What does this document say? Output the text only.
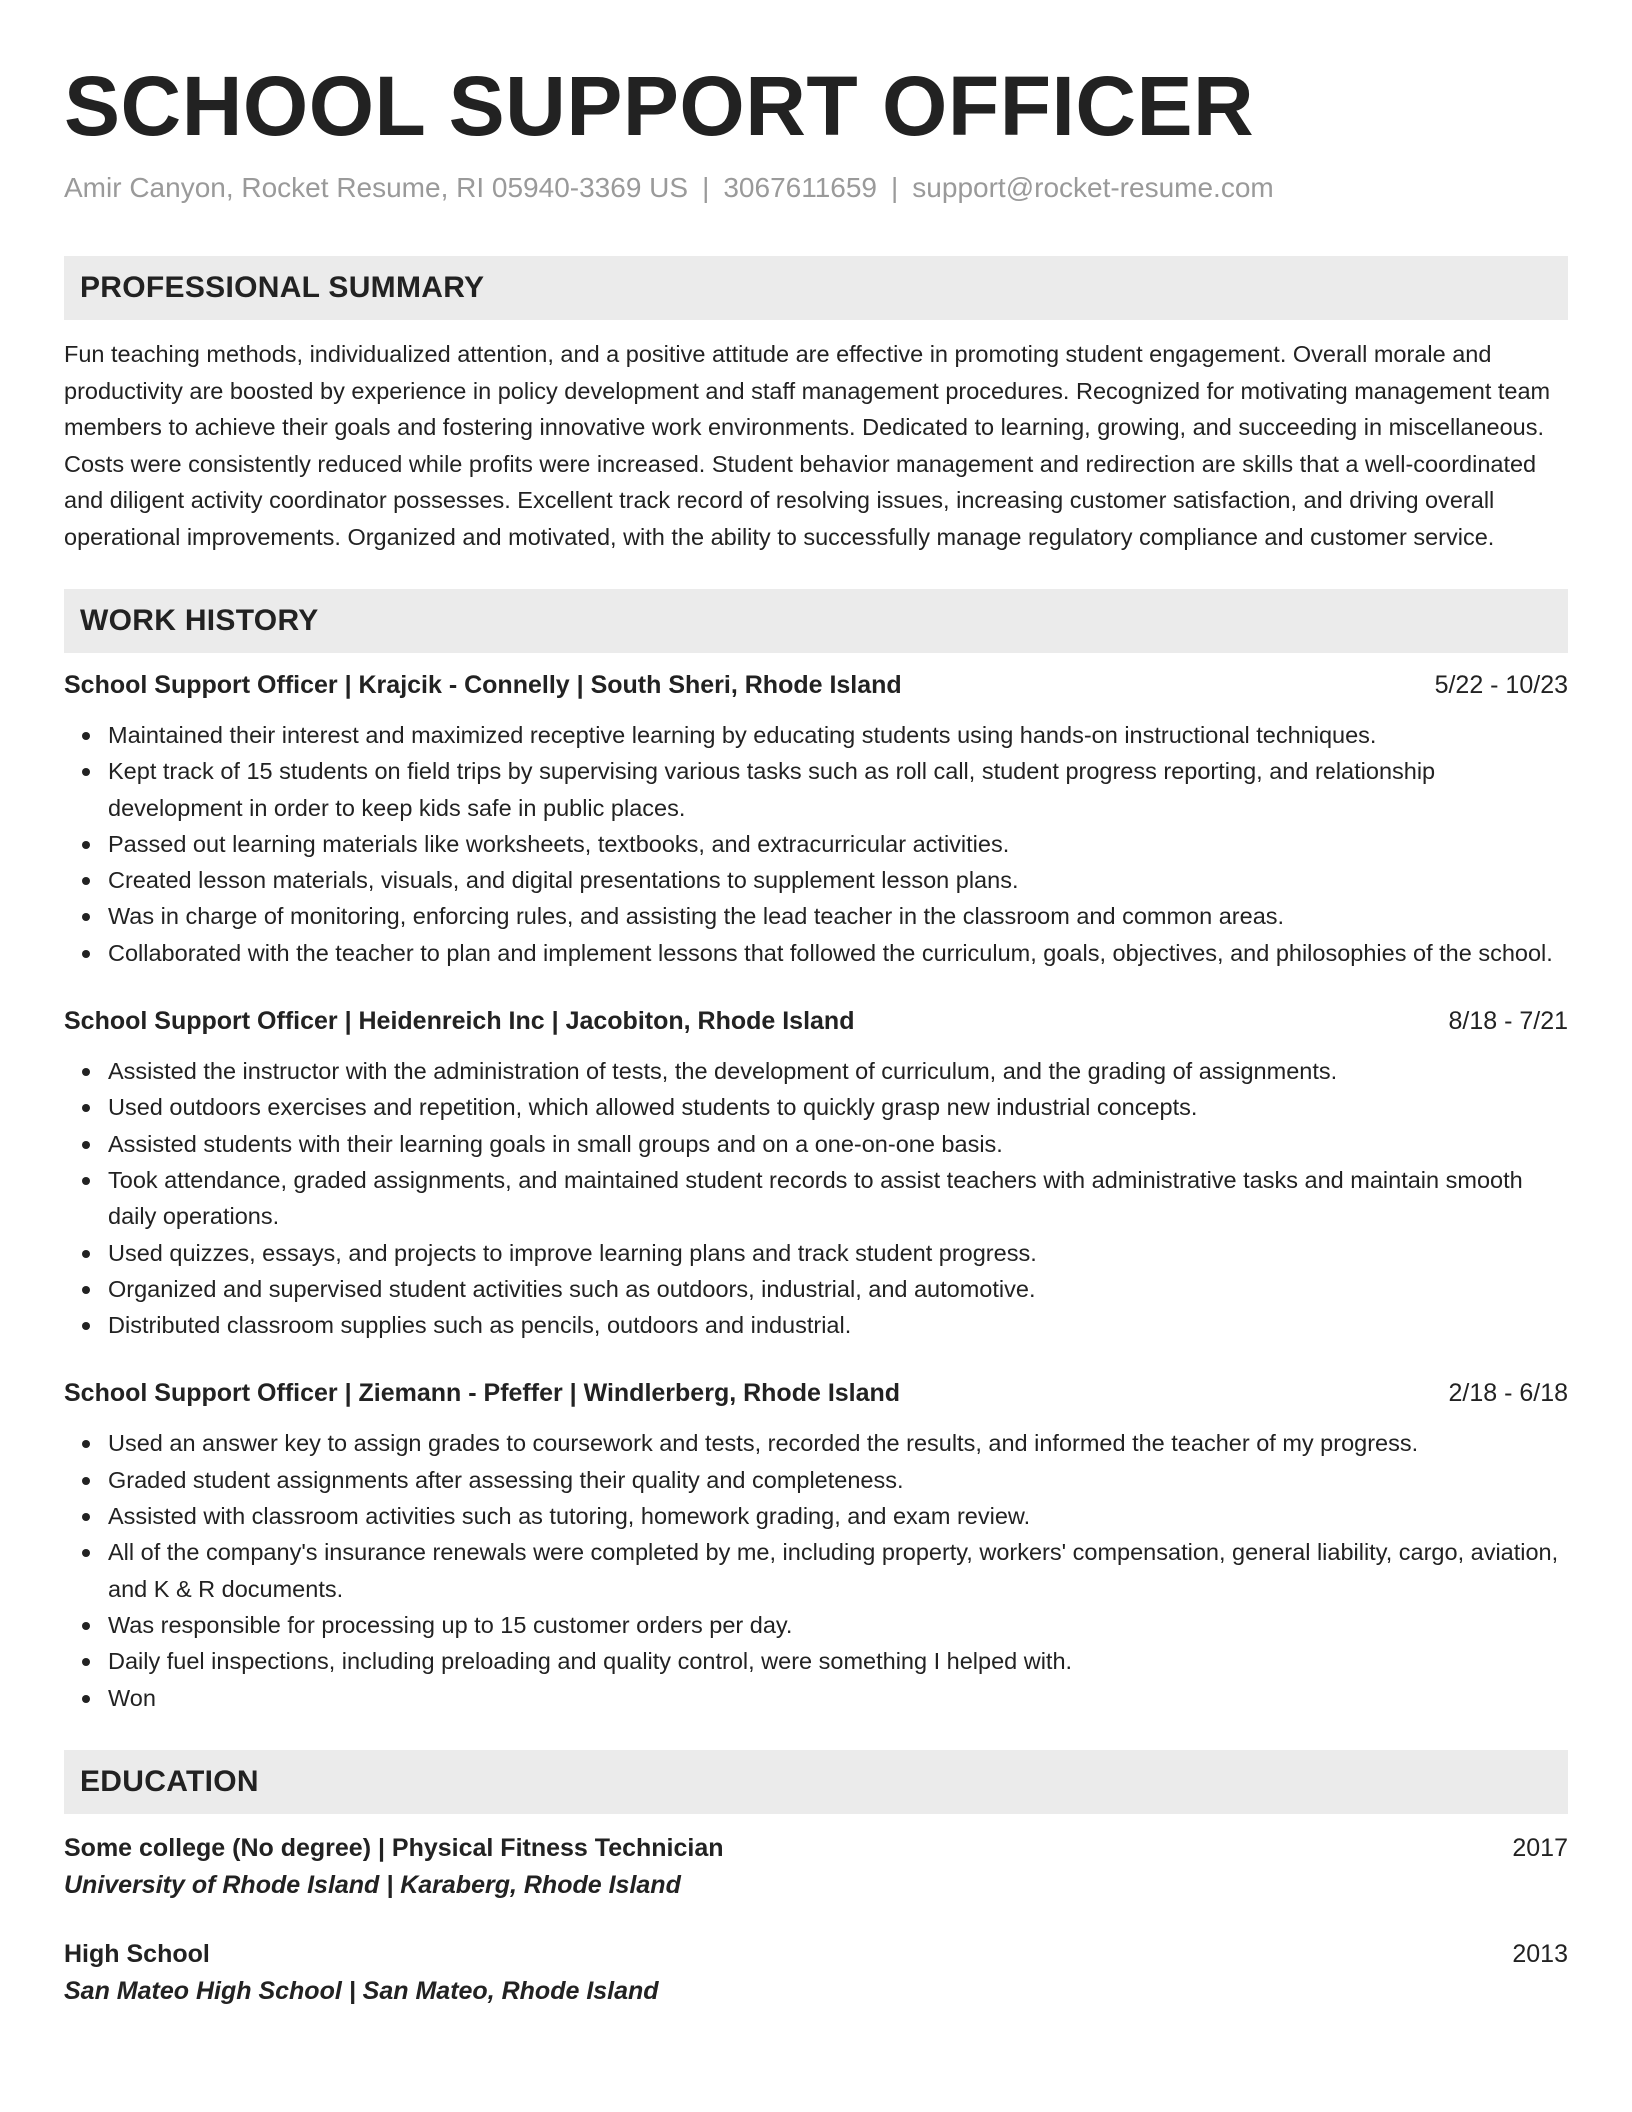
SCHOOL SUPPORT OFFICER
Amir Canyon, Rocket Resume, RI 05940-3369 US | 3067611659 | support@rocket-resume.com
PROFESSIONAL SUMMARY

Fun teaching methods, individualized attention, and a positive attitude are effective in promoting student engagement. Overall morale and productivity are boosted by experience in policy development and staff management procedures. Recognized for motivating management team members to achieve their goals and fostering innovative work environments. Dedicated to learning, growing, and succeeding in miscellaneous. Costs were consistently reduced while profits were increased. Student behavior management and redirection are skills that a well-coordinated and diligent activity coordinator possesses. Excellent track record of resolving issues, increasing customer satisfaction, and driving overall operational improvements. Organized and motivated, with the ability to successfully manage regulatory compliance and customer service.

WORK HISTORY
School Support Officer | Krajcik - Connelly | South Sheri, Rhode Island	5/22 - 10/23
Maintained their interest and maximized receptive learning by educating students using hands-on instructional techniques.
Kept track of 15 students on field trips by supervising various tasks such as roll call, student progress reporting, and relationship development in order to keep kids safe in public places.
Passed out learning materials like worksheets, textbooks, and extracurricular activities.
Created lesson materials, visuals, and digital presentations to supplement lesson plans.
Was in charge of monitoring, enforcing rules, and assisting the lead teacher in the classroom and common areas.
Collaborated with the teacher to plan and implement lessons that followed the curriculum, goals, objectives, and philosophies of the school.
School Support Officer | Heidenreich Inc | Jacobiton, Rhode Island	8/18 - 7/21
Assisted the instructor with the administration of tests, the development of curriculum, and the grading of assignments.
Used outdoors exercises and repetition, which allowed students to quickly grasp new industrial concepts.
Assisted students with their learning goals in small groups and on a one-on-one basis.
Took attendance, graded assignments, and maintained student records to assist teachers with administrative tasks and maintain smooth daily operations.
Used quizzes, essays, and projects to improve learning plans and track student progress.
Organized and supervised student activities such as outdoors, industrial, and automotive.
Distributed classroom supplies such as pencils, outdoors and industrial.
School Support Officer | Ziemann - Pfeffer | Windlerberg, Rhode Island	2/18 - 6/18
Used an answer key to assign grades to coursework and tests, recorded the results, and informed the teacher of my progress.
Graded student assignments after assessing their quality and completeness.
Assisted with classroom activities such as tutoring, homework grading, and exam review.
All of the company's insurance renewals were completed by me, including property, workers' compensation, general liability, cargo, aviation, and K & R documents.
Was responsible for processing up to 15 customer orders per day.
Daily fuel inspections, including preloading and quality control, were something I helped with.
Won
EDUCATION
Some college (No degree) | Physical Fitness Technician	2017
University of Rhode Island | Karaberg, Rhode Island
High School	2013
San Mateo High School | San Mateo, Rhode Island
